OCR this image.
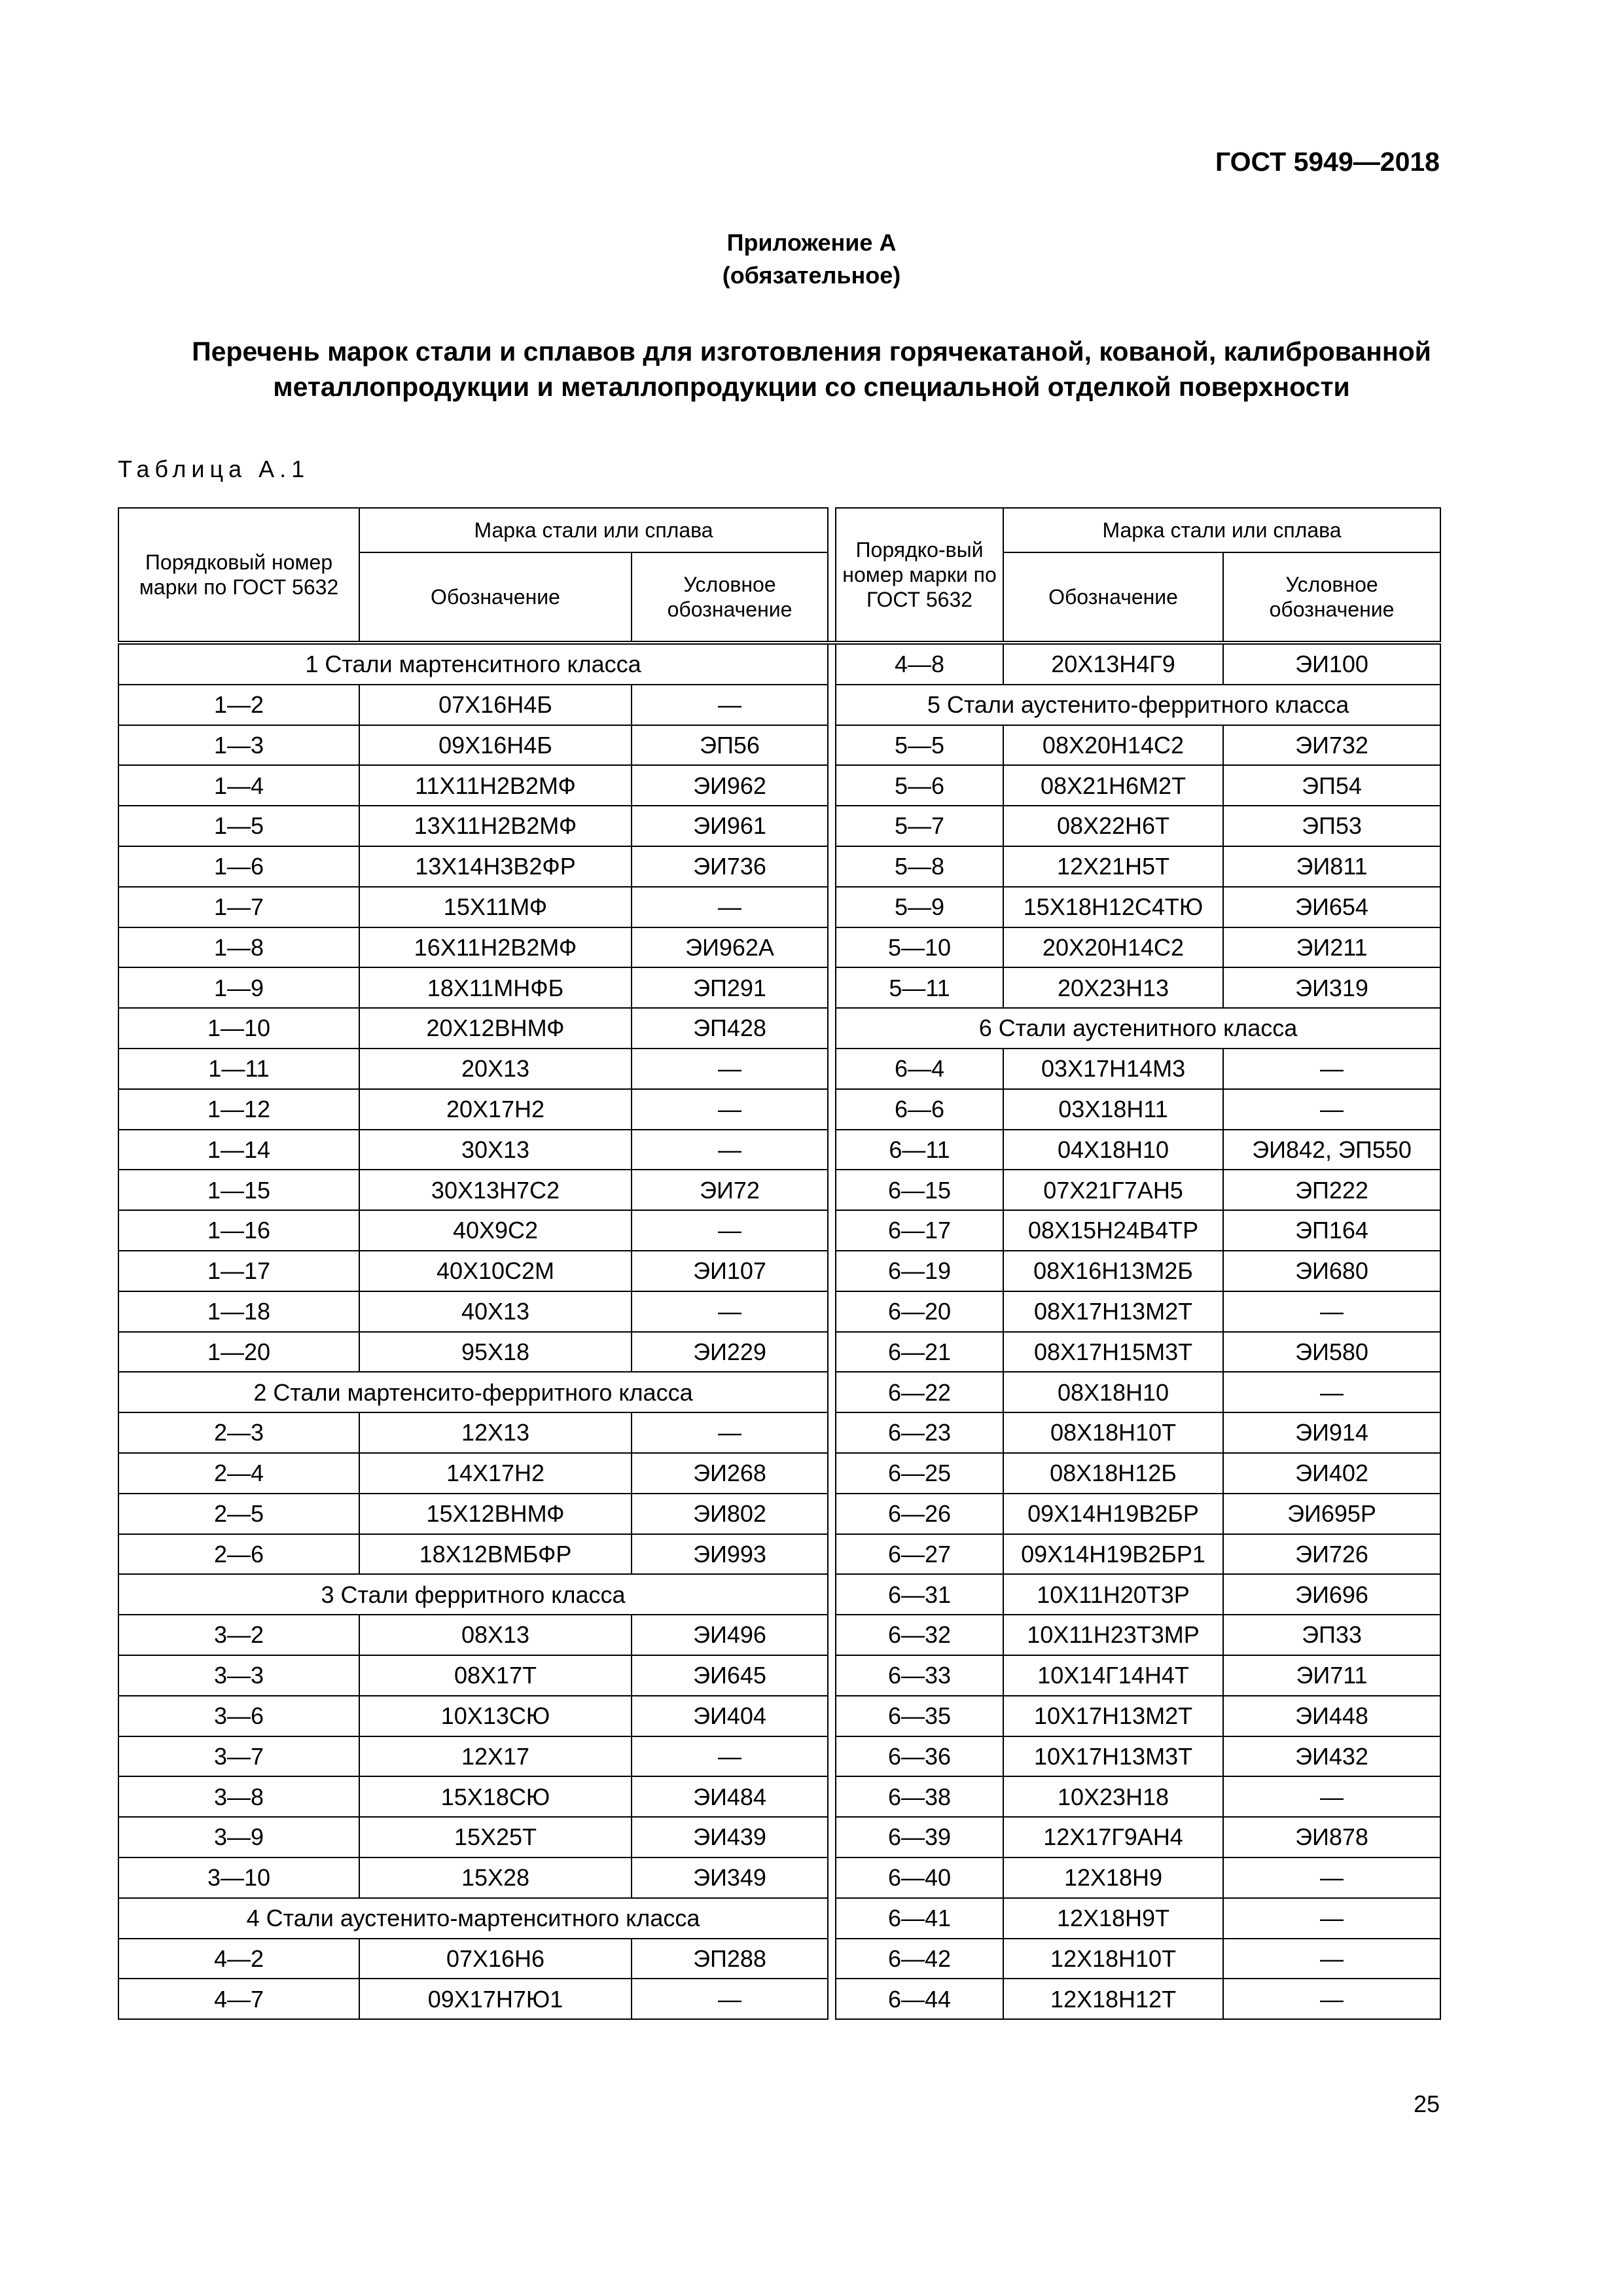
ГОСТ 5949—2018
Приложение А
(обязательное)
Перечень марок стали и сплавов для изготовления горячекатаной, кованой, калиброванной
металлопродукции и металлопродукции со специальной отделкой поверхности
Таблица А.1
Порядковый номер марки по ГОСТ 5632	Марка стали или сплава			Порядко-вый номер марки по ГОСТ 5632	Марка стали или сплава	
	Обозначение	Условное обозначение			Обозначение	Условное обозначение
1 Стали мартенситного класса				4—8	20Х13Н4Г9	ЭИ100
1—2	07Х16Н4Б	—		5 Стали аустенито-ферритного класса		
1—3	09Х16Н4Б	ЭП56		5—5	08Х20Н14С2	ЭИ732
1—4	11Х11Н2В2МФ	ЭИ962		5—6	08Х21Н6М2Т	ЭП54
1—5	13Х11Н2В2МФ	ЭИ961		5—7	08Х22Н6Т	ЭП53
1—6	13Х14Н3В2ФР	ЭИ736		5—8	12Х21Н5Т	ЭИ811
1—7	15Х11МФ	—		5—9	15Х18Н12С4ТЮ	ЭИ654
1—8	16Х11Н2В2МФ	ЭИ962А		5—10	20Х20Н14С2	ЭИ211
1—9	18Х11МНФБ	ЭП291		5—11	20Х23Н13	ЭИ319
1—10	20Х12ВНМФ	ЭП428		6 Стали аустенитного класса		
1—11	20Х13	—		6—4	03Х17Н14М3	—
1—12	20Х17Н2	—		6—6	03Х18Н11	—
1—14	30Х13	—		6—11	04Х18Н10	ЭИ842, ЭП550
1—15	30Х13Н7С2	ЭИ72		6—15	07Х21Г7АН5	ЭП222
1—16	40Х9С2	—		6—17	08Х15Н24В4ТР	ЭП164
1—17	40Х10С2М	ЭИ107		6—19	08Х16Н13М2Б	ЭИ680
1—18	40Х13	—		6—20	08Х17Н13М2Т	—
1—20	95Х18	ЭИ229		6—21	08Х17Н15М3Т	ЭИ580
2 Стали мартенсито-ферритного класса				6—22	08Х18Н10	—
2—3	12Х13	—		6—23	08Х18Н10Т	ЭИ914
2—4	14Х17Н2	ЭИ268		6—25	08Х18Н12Б	ЭИ402
2—5	15Х12ВНМФ	ЭИ802		6—26	09Х14Н19В2БР	ЭИ695Р
2—6	18Х12ВМБФР	ЭИ993		6—27	09Х14Н19В2БР1	ЭИ726
3 Стали ферритного класса				6—31	10Х11Н20Т3Р	ЭИ696
3—2	08Х13	ЭИ496		6—32	10Х11Н23Т3МР	ЭП33
3—3	08Х17Т	ЭИ645		6—33	10Х14Г14Н4Т	ЭИ711
3—6	10Х13СЮ	ЭИ404		6—35	10Х17Н13М2Т	ЭИ448
3—7	12Х17	—		6—36	10Х17Н13М3Т	ЭИ432
3—8	15Х18СЮ	ЭИ484		6—38	10Х23Н18	—
3—9	15Х25Т	ЭИ439		6—39	12Х17Г9АН4	ЭИ878
3—10	15Х28	ЭИ349		6—40	12Х18Н9	—
4 Стали аустенито-мартенситного класса				6—41	12Х18Н9Т	—
4—2	07Х16Н6	ЭП288		6—42	12Х18Н10Т	—
4—7	09Х17Н7Ю1	—		6—44	12Х18Н12Т	—
25
